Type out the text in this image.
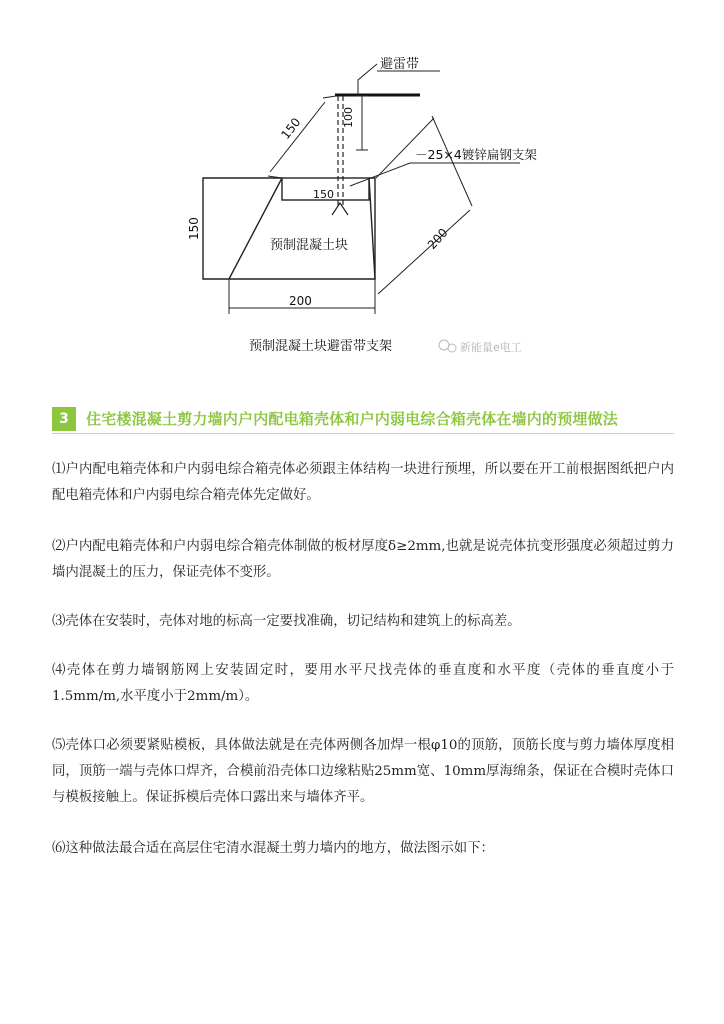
避雷带
－25×4镀锌扁钢支架
预制混凝土块
150	100
150
150	200
200
预制混凝土块避雷带支架	新能量e电工
3	住宅楼混凝土剪力墙内户内配电箱壳体和户内弱电综合箱壳体在墙内的预埋做法

⑴户内配电箱壳体和户内弱电综合箱壳体必须跟主体结构一块进行预埋，所以要在开工前根据图纸把户内配电箱壳体和户内弱电综合箱壳体先定做好。

⑵户内配电箱壳体和户内弱电综合箱壳体制做的板材厚度δ≥2mm,也就是说壳体抗变形强度必须超过剪力墙内混凝土的压力，保证壳体不变形。

⑶壳体在安装时，壳体对地的标高一定要找准确，切记结构和建筑上的标高差。

⑷壳体在剪力墙钢筋网上安装固定时，要用水平尺找壳体的垂直度和水平度（壳体的垂直度小于1.5mm/m,水平度小于2mm/m）。

⑸壳体口必须要紧贴模板，具体做法就是在壳体两侧各加焊一根φ10的顶筋，顶筋长度与剪力墙体厚度相同，顶筋一端与壳体口焊齐，合模前沿壳体口边缘粘贴25mm宽、10mm厚海绵条，保证在合模时壳体口与模板接触上。保证拆模后壳体口露出来与墙体齐平。

⑹这种做法最合适在高层住宅清水混凝土剪力墙内的地方，做法图示如下：
